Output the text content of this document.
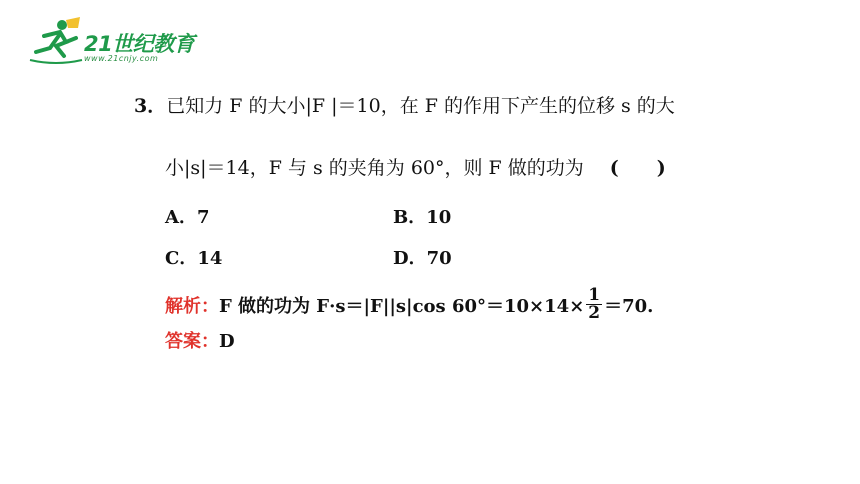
21世纪教育
www.21cnjy.com
3．已知力 F 的大小|F |＝10，在 F 的作用下产生的位移 s 的大
小|s|＝14，F 与 s 的夹角为 60°，则 F 做的功为 (　　)
A．7	B．10
C．14	D．70
解析： F 做的功为 F·s＝|F||s|cos $60^\circ=10\times 14\times \frac{1}{2} =70$.
答案：D
